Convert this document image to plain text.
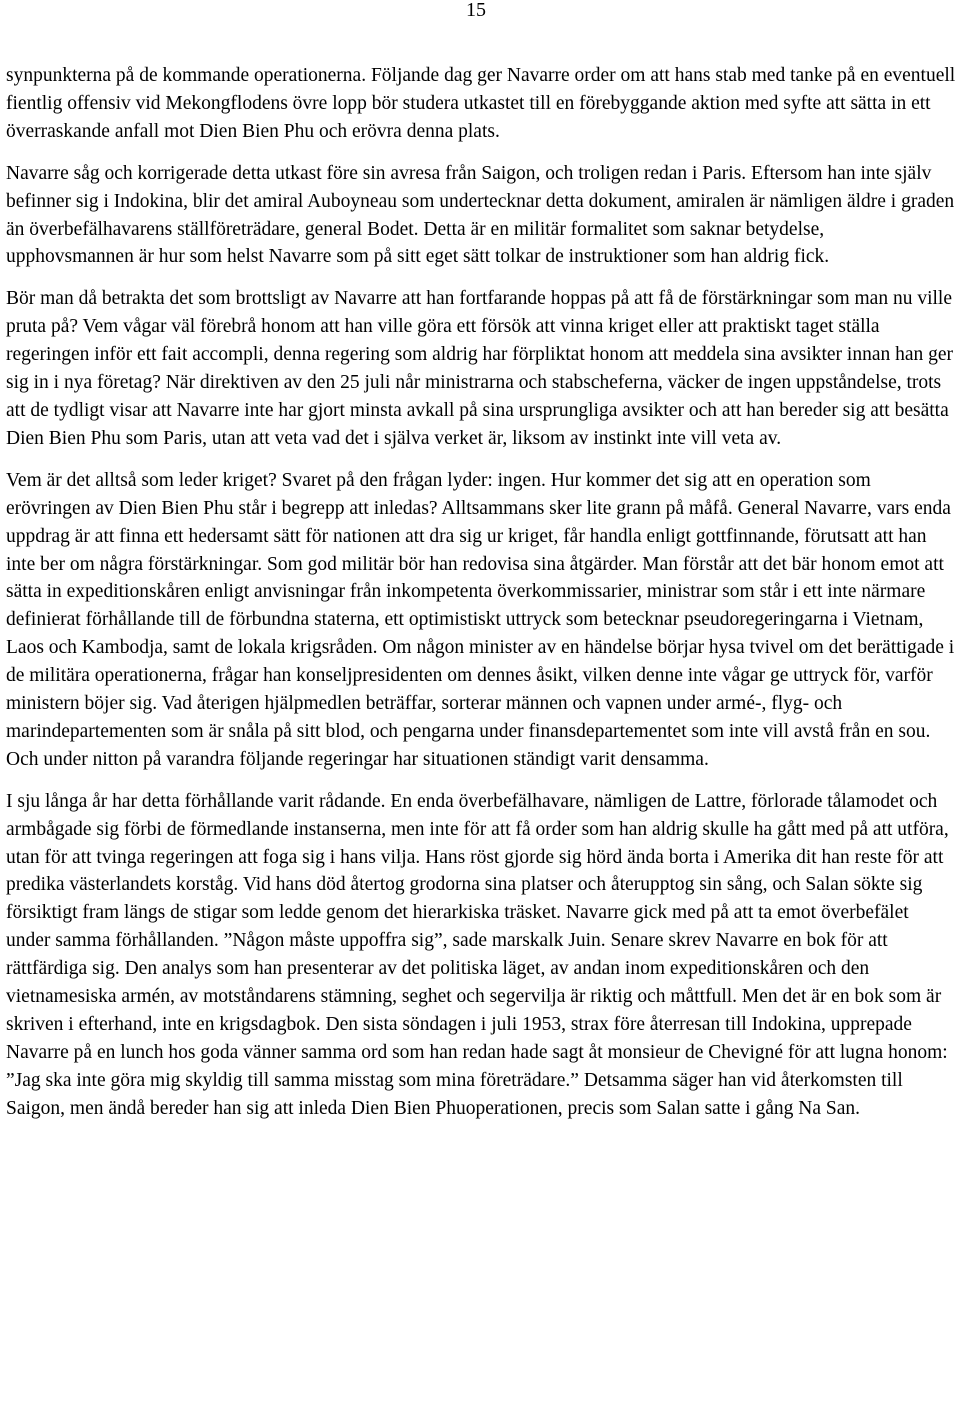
15

synpunkterna på de kommande operationerna. Följande dag ger Navarre order om att hans stab med tanke på en eventuell fientlig offensiv vid Mekongflodens övre lopp bör studera utkastet till en förebyggande aktion med syfte att sätta in ett överraskande anfall mot Dien Bien Phu och erövra denna plats.

Navarre såg och korrigerade detta utkast före sin avresa från Saigon, och troligen redan i Paris. Eftersom han inte själv befinner sig i Indokina, blir det amiral Auboyneau som undertecknar detta dokument, amiralen är nämligen äldre i graden än överbefälhavarens ställföreträdare, general Bodet. Detta är en militär formalitet som saknar betydelse, upphovsmannen är hur som helst Navarre som på sitt eget sätt tolkar de instruktioner som han aldrig fick.

Bör man då betrakta det som brottsligt av Navarre att han fortfarande hoppas på att få de förstärkningar som man nu ville pruta på? Vem vågar väl förebrå honom att han ville göra ett försök att vinna kriget eller att praktiskt taget ställa regeringen inför ett fait accompli, denna regering som aldrig har förpliktat honom att meddela sina avsikter innan han ger sig in i nya företag? När direktiven av den 25 juli når ministrarna och stabscheferna, väcker de ingen uppståndelse, trots att de tydligt visar att Navarre inte har gjort minsta avkall på sina ursprungliga avsikter och att han bereder sig att besätta Dien Bien Phu som Paris, utan att veta vad det i själva verket är, liksom av instinkt inte vill veta av.

Vem är det alltså som leder kriget? Svaret på den frågan lyder: ingen. Hur kommer det sig att en operation som erövringen av Dien Bien Phu står i begrepp att inledas? Alltsammans sker lite grann på måfå. General Navarre, vars enda uppdrag är att finna ett hedersamt sätt för nationen att dra sig ur kriget, får handla enligt gottfinnande, förutsatt att han inte ber om några förstärkningar. Som god militär bör han redovisa sina åtgärder. Man förstår att det bär honom emot att sätta in expeditionskåren enligt anvisningar från inkompetenta överkommissarier, ministrar som står i ett inte närmare definierat förhållande till de förbundna staterna, ett optimistiskt uttryck som betecknar pseudoregeringarna i Vietnam, Laos och Kambodja, samt de lokala krigsråden. Om någon minister av en händelse börjar hysa tvivel om det berättigade i de militära operationerna, frågar han konseljpresidenten om dennes åsikt, vilken denne inte vågar ge uttryck för, varför ministern böjer sig. Vad återigen hjälpmedlen beträffar, sorterar männen och vapnen under armé-, flyg- och marindepartementen som är snåla på sitt blod, och pengarna under finansdepartementet som inte vill avstå från en sou. Och under nitton på varandra följande regeringar har situationen ständigt varit densamma.

I sju långa år har detta förhållande varit rådande. En enda överbefälhavare, nämligen de Lattre, förlorade tålamodet och armbågade sig förbi de förmedlande instanserna, men inte för att få order som han aldrig skulle ha gått med på att utföra, utan för att tvinga regeringen att foga sig i hans vilja. Hans röst gjorde sig hörd ända borta i Amerika dit han reste för att predika västerlandets korståg. Vid hans död återtog grodorna sina platser och återupptog sin sång, och Salan sökte sig försiktigt fram längs de stigar som ledde genom det hierarkiska träsket. Navarre gick med på att ta emot överbefälet under samma förhållanden. ”Någon måste uppoffra sig”, sade marskalk Juin. Senare skrev Navarre en bok för att rättfärdiga sig. Den analys som han presenterar av det politiska läget, av andan inom expeditionskåren och den vietnamesiska armén, av motståndarens stämning, seghet och segervilja är riktig och måttfull. Men det är en bok som är skriven i efterhand, inte en krigsdagbok. Den sista söndagen i juli 1953, strax före återresan till Indokina, upprepade Navarre på en lunch hos goda vänner samma ord som han redan hade sagt åt monsieur de Chevigné för att lugna honom: ”Jag ska inte göra mig skyldig till samma misstag som mina företrädare.” Detsamma säger han vid återkomsten till Saigon, men ändå bereder han sig att inleda Dien Bien Phuoperationen, precis som Salan satte i gång Na San.
